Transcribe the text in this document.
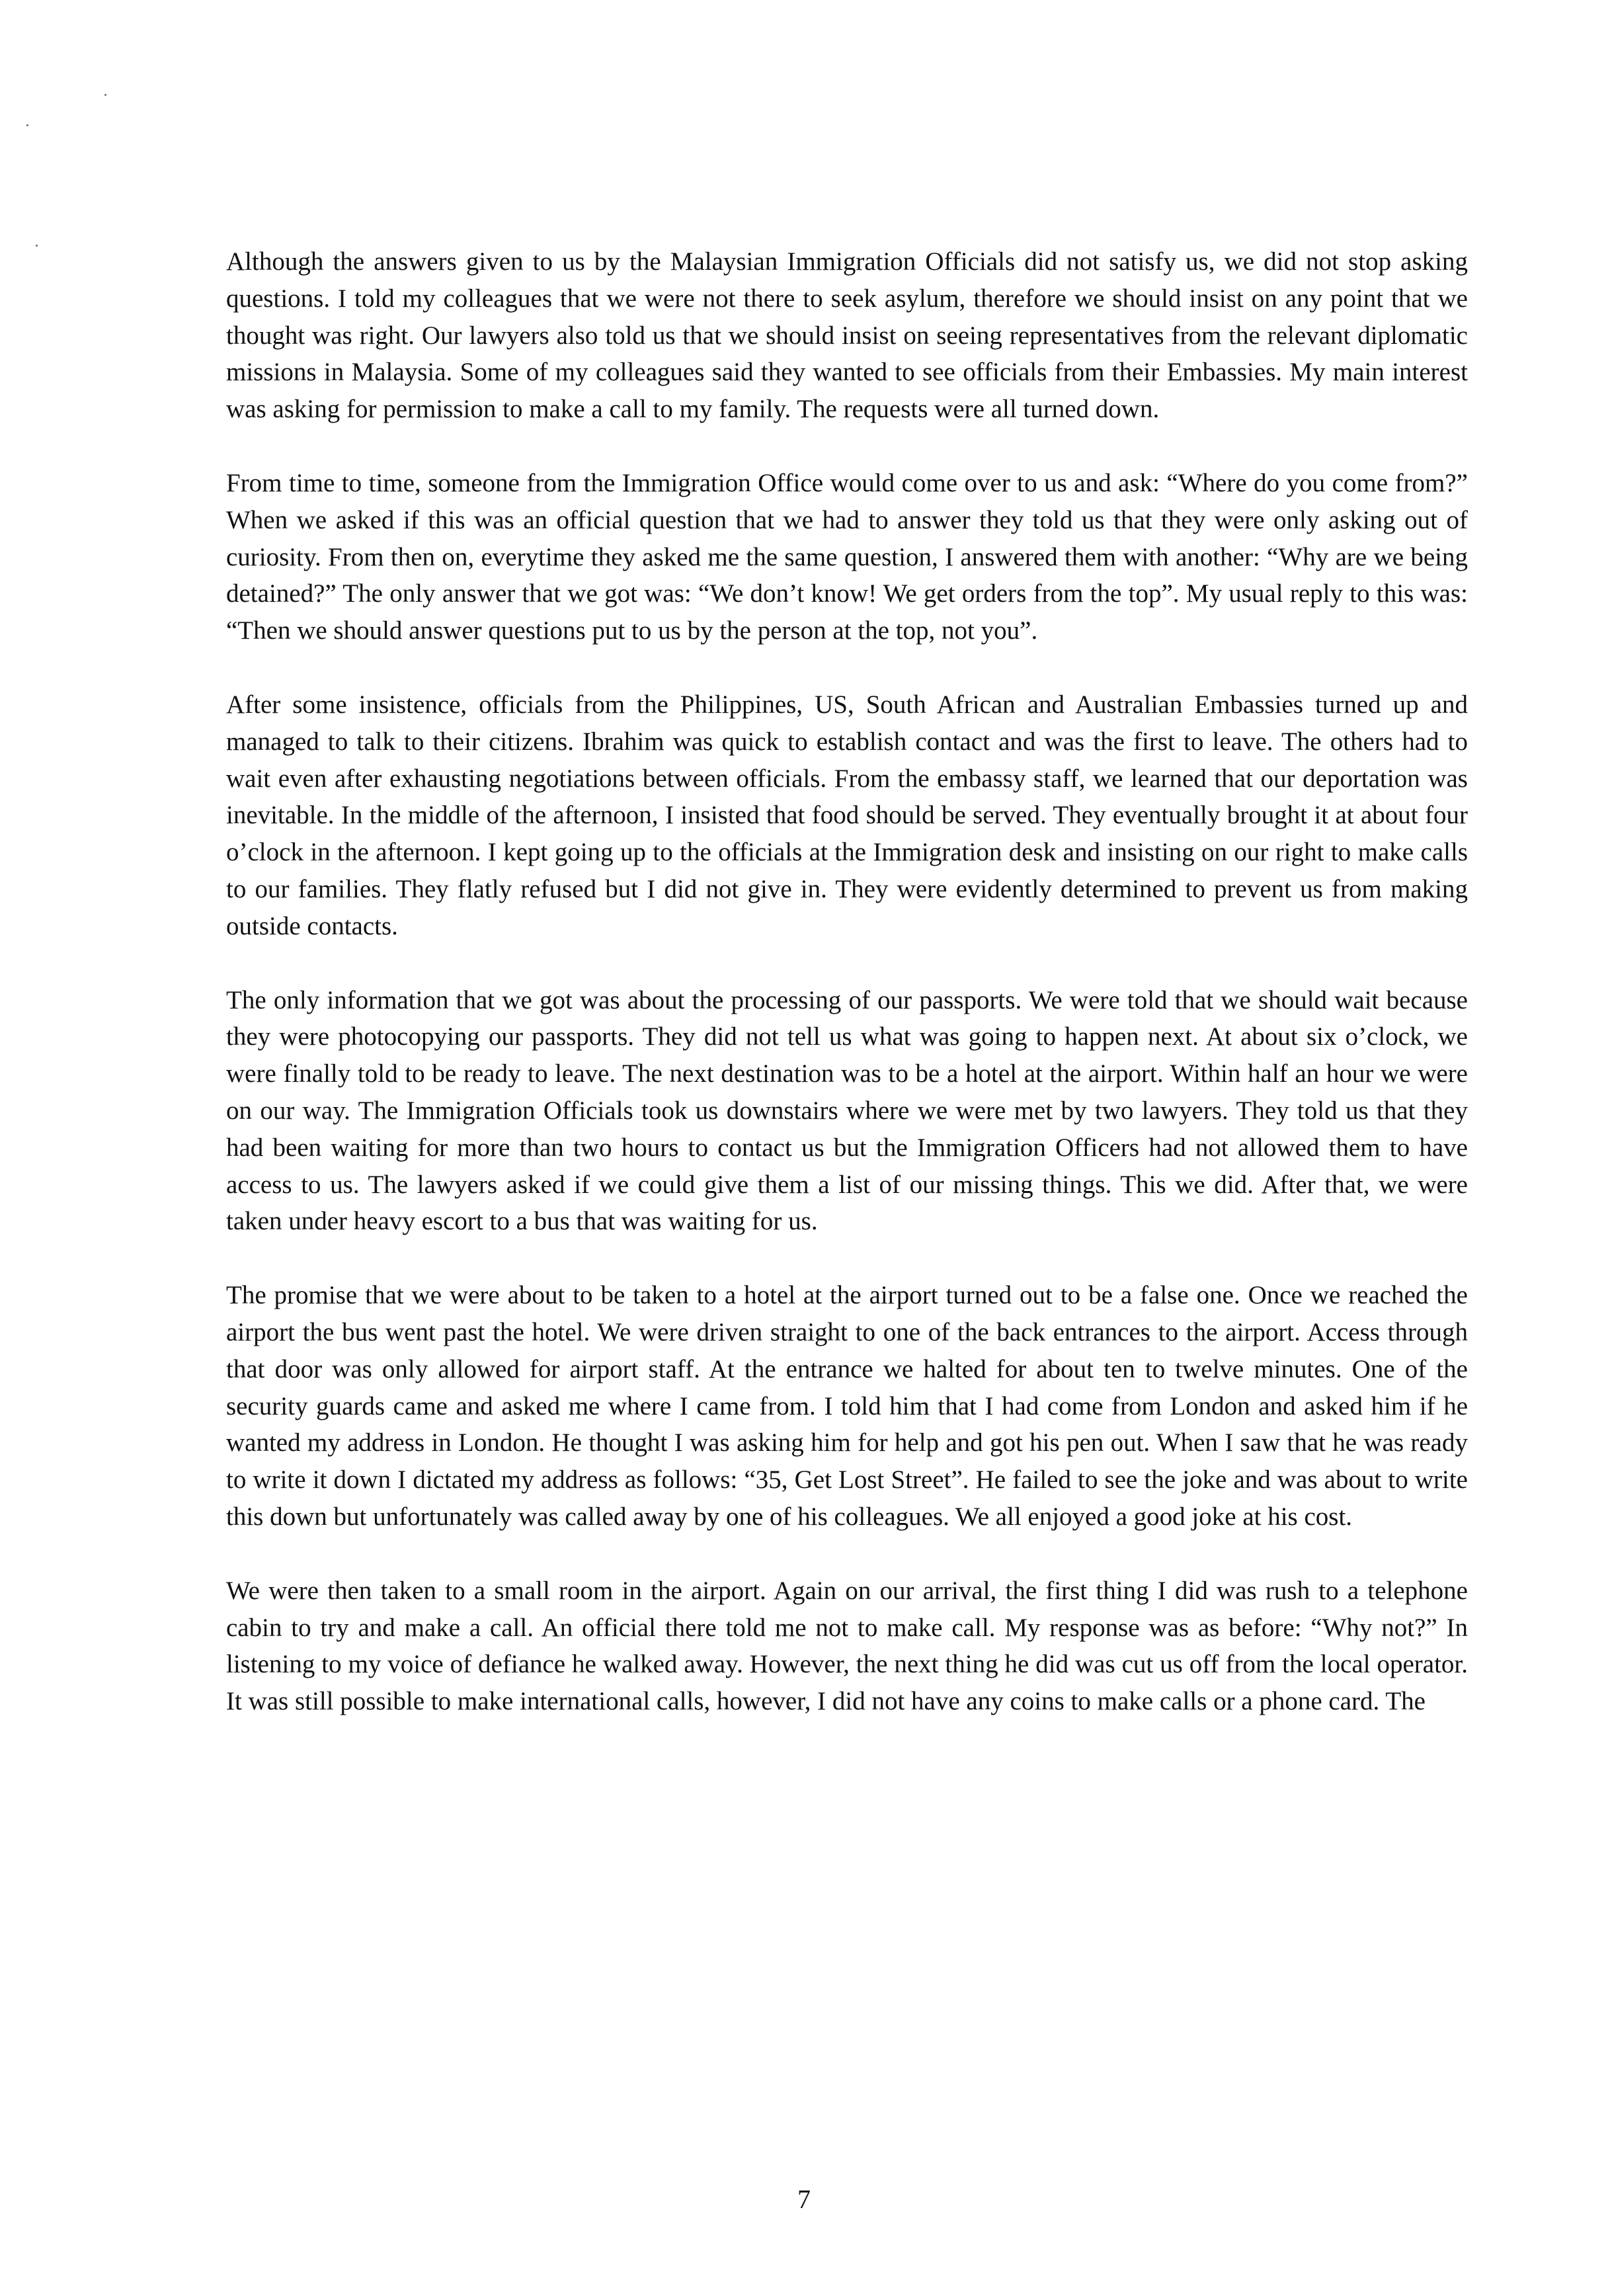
Although the answers given to us by the Malaysian Immigration Officials did not satisfy us, we did not stop asking questions. I told my colleagues that we were not there to seek asylum, therefore we should insist on any point that we thought was right. Our lawyers also told us that we should insist on seeing representatives from the relevant diplomatic missions in Malaysia. Some of my colleagues said they wanted to see officials from their Embassies. My main interest was asking for permission to make a call to my family. The requests were all turned down.

From time to time, someone from the Immigration Office would come over to us and ask: “Where do you come from?” When we asked if this was an official question that we had to answer they told us that they were only asking out of curiosity. From then on, everytime they asked me the same question, I answered them with another: “Why are we being detained?” The only answer that we got was: “We don’t know! We get orders from the top”. My usual reply to this was: “Then we should answer questions put to us by the person at the top, not you”.

After some insistence, officials from the Philippines, US, South African and Australian Embassies turned up and managed to talk to their citizens. Ibrahim was quick to establish contact and was the first to leave. The others had to wait even after exhausting negotiations between officials. From the embassy staff, we learned that our deportation was inevitable. In the middle of the afternoon, I insisted that food should be served. They eventually brought it at about four o’clock in the afternoon. I kept going up to the officials at the Immigration desk and insisting on our right to make calls to our families. They flatly refused but I did not give in. They were evidently determined to prevent us from making outside contacts.

The only information that we got was about the processing of our passports. We were told that we should wait because they were photocopying our passports. They did not tell us what was going to happen next. At about six o’clock, we were finally told to be ready to leave. The next destination was to be a hotel at the airport. Within half an hour we were on our way. The Immigration Officials took us downstairs where we were met by two lawyers. They told us that they had been waiting for more than two hours to contact us but the Immigration Officers had not allowed them to have access to us. The lawyers asked if we could give them a list of our missing things. This we did. After that, we were taken under heavy escort to a bus that was waiting for us.

The promise that we were about to be taken to a hotel at the airport turned out to be a false one. Once we reached the airport the bus went past the hotel. We were driven straight to one of the back entrances to the airport. Access through that door was only allowed for airport staff. At the entrance we halted for about ten to twelve minutes. One of the security guards came and asked me where I came from. I told him that I had come from London and asked him if he wanted my address in London. He thought I was asking him for help and got his pen out. When I saw that he was ready to write it down I dictated my address as follows: “35, Get Lost Street”. He failed to see the joke and was about to write this down but unfortunately was called away by one of his colleagues. We all enjoyed a good joke at his cost.

We were then taken to a small room in the airport. Again on our arrival, the first thing I did was rush to a telephone cabin to try and make a call. An official there told me not to make call. My response was as before: “Why not?” In listening to my voice of defiance he walked away. However, the next thing he did was cut us off from the local operator. It was still possible to make international calls, however, I did not have any coins to make calls or a phone card. The

7
